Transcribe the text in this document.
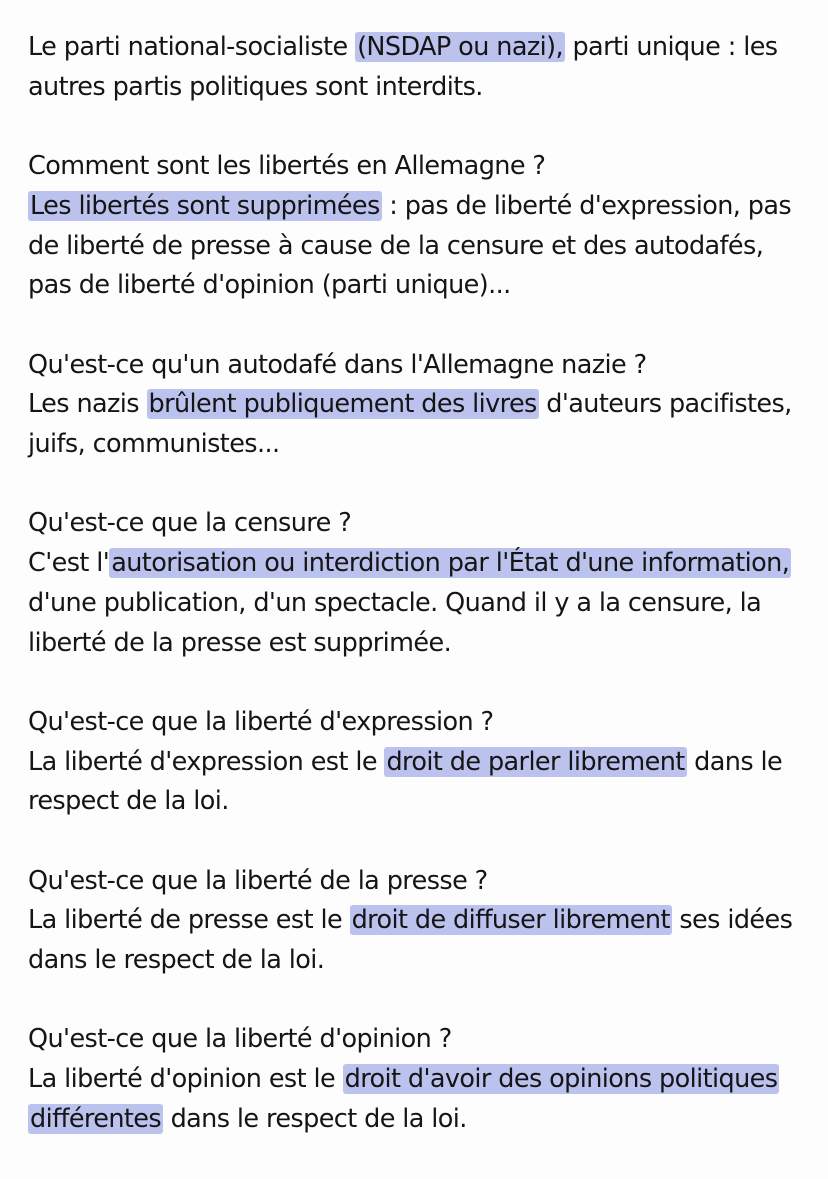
Le parti national-socialiste (NSDAP ou nazi), parti unique : les autres partis politiques sont interdits.

Comment sont les libertés en Allemagne ?

Les libertés sont supprimées : pas de liberté d'expression, pas de liberté de presse à cause de la censure et des autodafés, pas de liberté d'opinion (parti unique)...

Qu'est-ce qu'un autodafé dans l'Allemagne nazie ?

Les nazis brûlent publiquement des livres d'auteurs pacifistes, juifs, communistes...

Qu'est-ce que la censure ?

C'est l'autorisation ou interdiction par l'État d'une information, d'une publication, d'un spectacle. Quand il y a la censure, la liberté de la presse est supprimée.

Qu'est-ce que la liberté d'expression ?

La liberté d'expression est le droit de parler librement dans le respect de la loi.

Qu'est-ce que la liberté de la presse ?

La liberté de presse est le droit de diffuser librement ses idées dans le respect de la loi.

Qu'est-ce que la liberté d'opinion ?

La liberté d'opinion est le droit d'avoir des opinions politiques différentes dans le respect de la loi.
